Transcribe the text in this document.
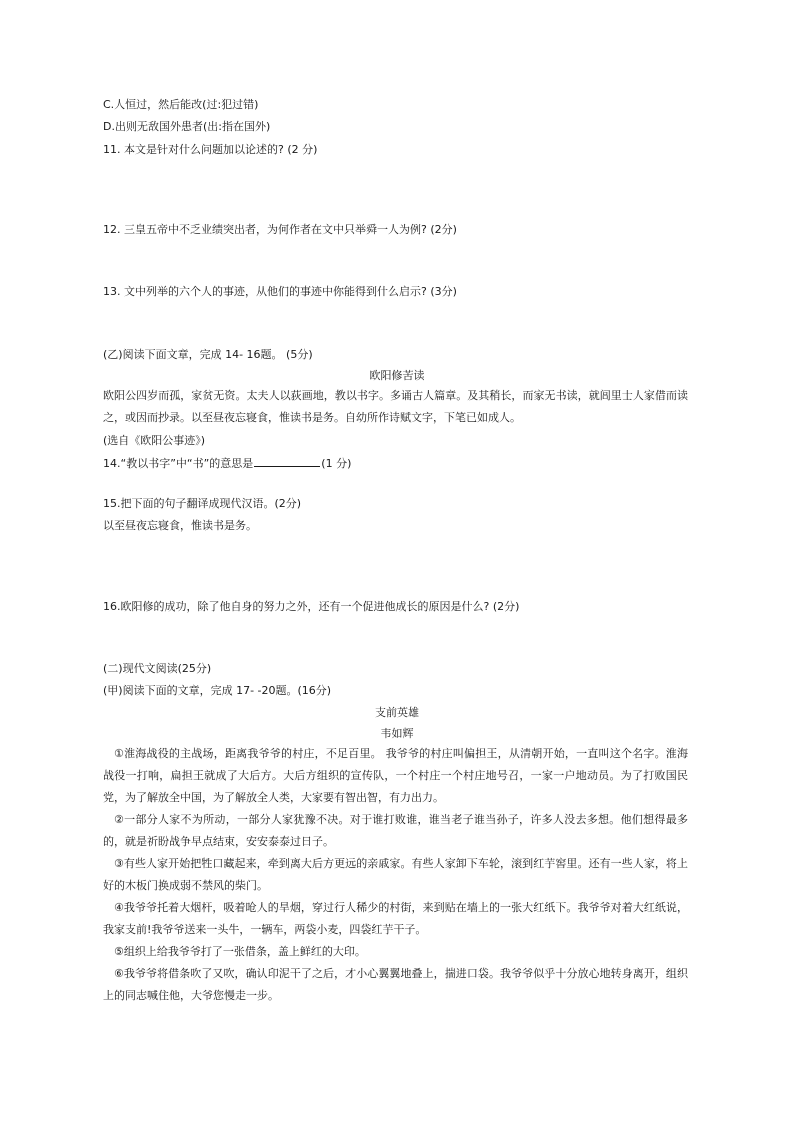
C.人恒过，然后能改(过:犯过错)
D.出则无敌国外患者(出:指在国外)
11. 本文是针对什么问题加以论述的? (2 分)
12. 三皇五帝中不乏业绩突出者，为何作者在文中只举舜一人为例? (2分)
13. 文中列举的六个人的事迹，从他们的事迹中你能得到什么启示? (3分)
(乙)阅读下面文章，完成 14- 16题。 (5分)
欧阳修苦读
欧阳公四岁而孤，家贫无资。太夫人以荻画地，教以书字。多诵古人篇章。及其稍长，而家无书读，就闾里士人家借而读之，或因而抄录。以至昼夜忘寝食，惟读书是务。自幼所作诗赋文字，下笔已如成人。
(选自《欧阳公事迹》)
14.“教以书字”中“书”的意思是	(1 分)
15.把下面的句子翻译成现代汉语。(2分)
以至昼夜忘寝食，惟读书是务。
16.欧阳修的成功，除了他自身的努力之外，还有一个促进他成长的原因是什么? (2分)
(二)现代文阅读(25分)
(甲)阅读下面的文章，完成 17- -20题。(16分)
支前英雄
韦如辉
①淮海战役的主战场，距离我爷爷的村庄，不足百里。 我爷爷的村庄叫偏担王，从清朝开始，一直叫这个名字。淮海战役一打响，扁担王就成了大后方。大后方组织的宣传队，一个村庄一个村庄地号召，一家一户地动员。为了打败国民党，为了解放全中国，为了解放全人类，大家要有智出智，有力出力。
②一部分人家不为所动，一部分人家犹豫不决。对于谁打败谁，谁当老子谁当孙子，许多人没去多想。他们想得最多的，就是祈盼战争早点结束，安安泰泰过日子。
③有些人家开始把牲口藏起来，牵到离大后方更远的亲戚家。有些人家卸下车轮，滚到红芋窖里。还有一些人家，将上好的木板门换成弱不禁风的柴门。
④我爷爷托着大烟杆，吸着呛人的旱烟，穿过行人稀少的村街，来到贴在墙上的一张大红纸下。我爷爷对着大红纸说，我家支前!我爷爷送来一头牛，一辆车，两袋小麦，四袋红芋干子。
⑤组织上给我爷爷打了一张借条，盖上鲜红的大印。
⑥我爷爷将借条吹了又吹，确认印泥干了之后，才小心翼翼地叠上，揣进口袋。我爷爷似乎十分放心地转身离开，组织上的同志喊住他，大爷您慢走一步。
